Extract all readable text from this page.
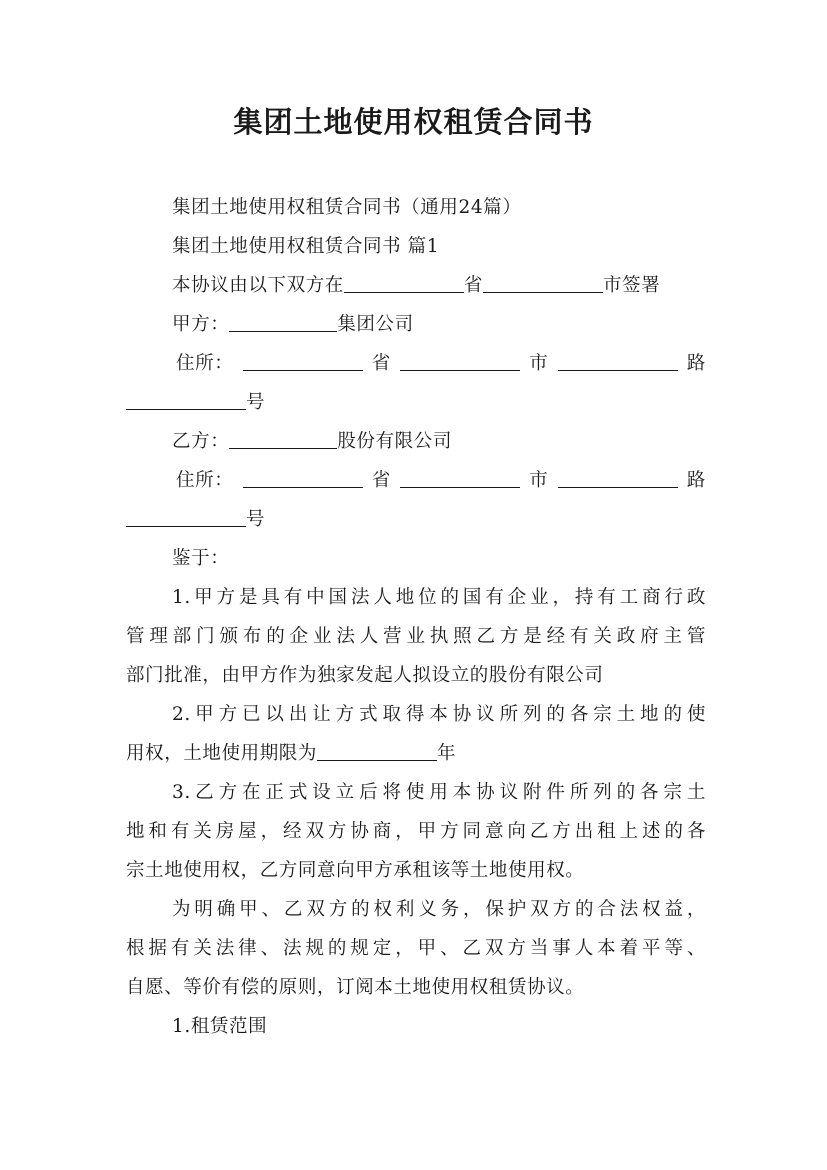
集团土地使用权租赁合同书
集团土地使用权租赁合同书（通用24篇）
集团土地使用权租赁合同书 篇1
本协议由以下双方在	省	市签署
甲方：	集团公司
住所：	省	市	路
号
乙方：	股份有限公司
住所：	省	市	路
号
鉴于：
1.甲方是具有中国法人地位的国有企业，持有工商行政
管理部门颁布的企业法人营业执照乙方是经有关政府主管
部门批准，由甲方作为独家发起人拟设立的股份有限公司
2.甲方已以出让方式取得本协议所列的各宗土地的使
用权，土地使用期限为	年
3.乙方在正式设立后将使用本协议附件所列的各宗土
地和有关房屋，经双方协商，甲方同意向乙方出租上述的各
宗土地使用权，乙方同意向甲方承租该等土地使用权。
为明确甲、乙双方的权利义务，保护双方的合法权益，
根据有关法律、法规的规定，甲、乙双方当事人本着平等、
自愿、等价有偿的原则，订阅本土地使用权租赁协议。
1.租赁范围
